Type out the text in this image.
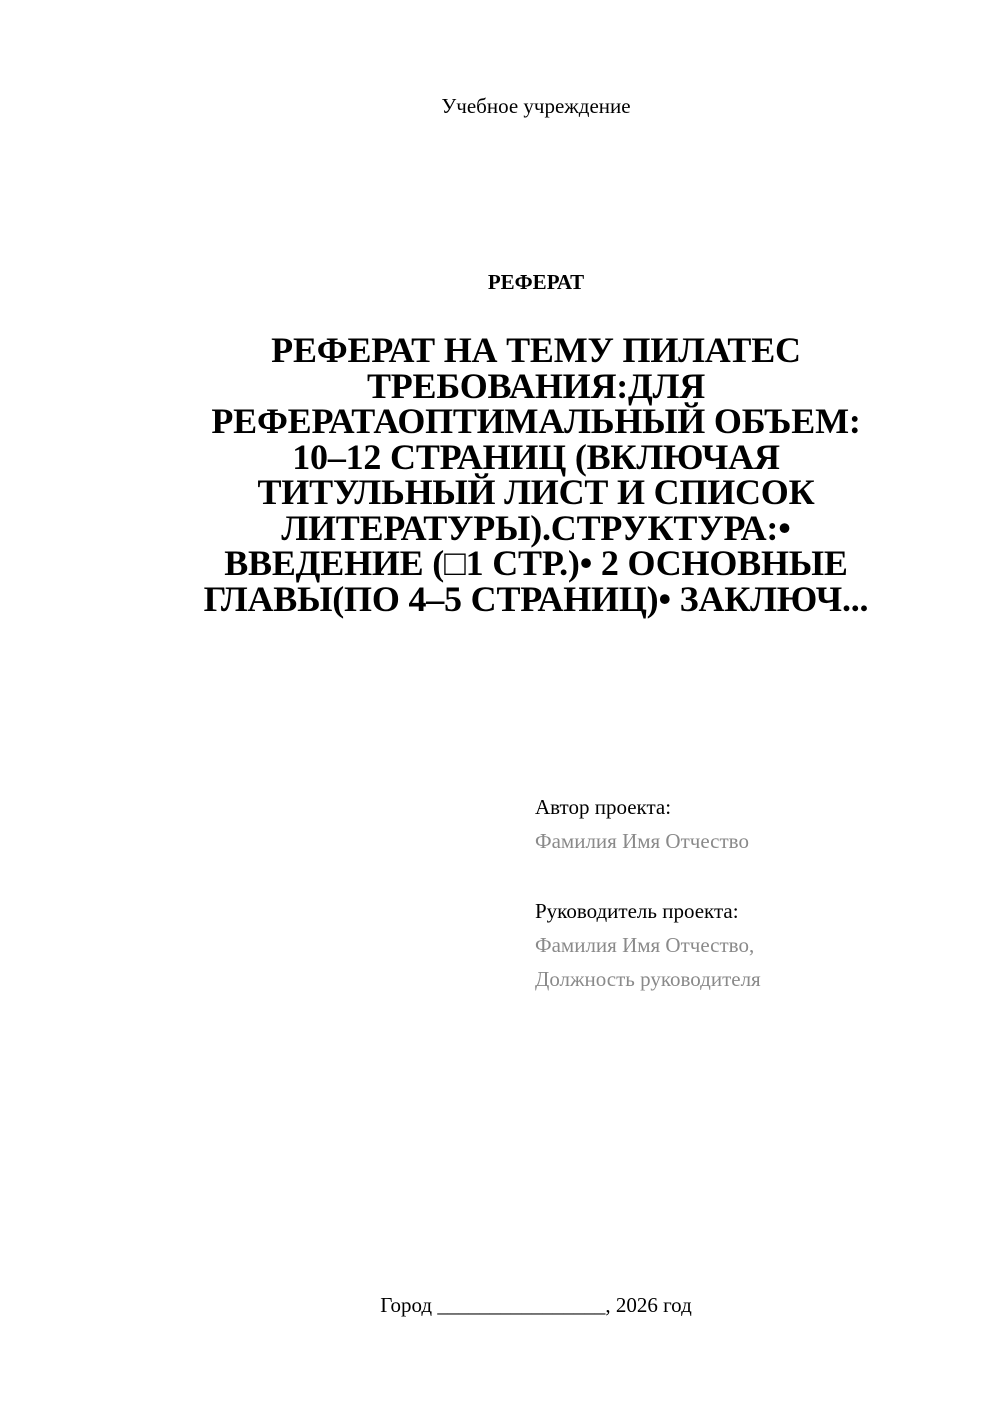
Учебное учреждение
РЕФЕРАТ
РЕФЕРАТ НА ТЕМУ ПИЛАТЕС
ТРЕБОВАНИЯ:ДЛЯ
РЕФЕРАТАОПТИМАЛЬНЫЙ ОБЪЕМ:
10–12 СТРАНИЦ (ВКЛЮЧАЯ
ТИТУЛЬНЫЙ ЛИСТ И СПИСОК
ЛИТЕРАТУРЫ).СТРУКТУРА:•
ВВЕДЕНИЕ (□1 СТР.)• 2 ОСНОВНЫЕ
ГЛАВЫ(ПО 4–5 СТРАНИЦ)• ЗАКЛЮЧ...
Автор проекта:
Фамилия Имя Отчество
Руководитель проекта:
Фамилия Имя Отчество,
Должность руководителя
Город ________________, 2026 год
